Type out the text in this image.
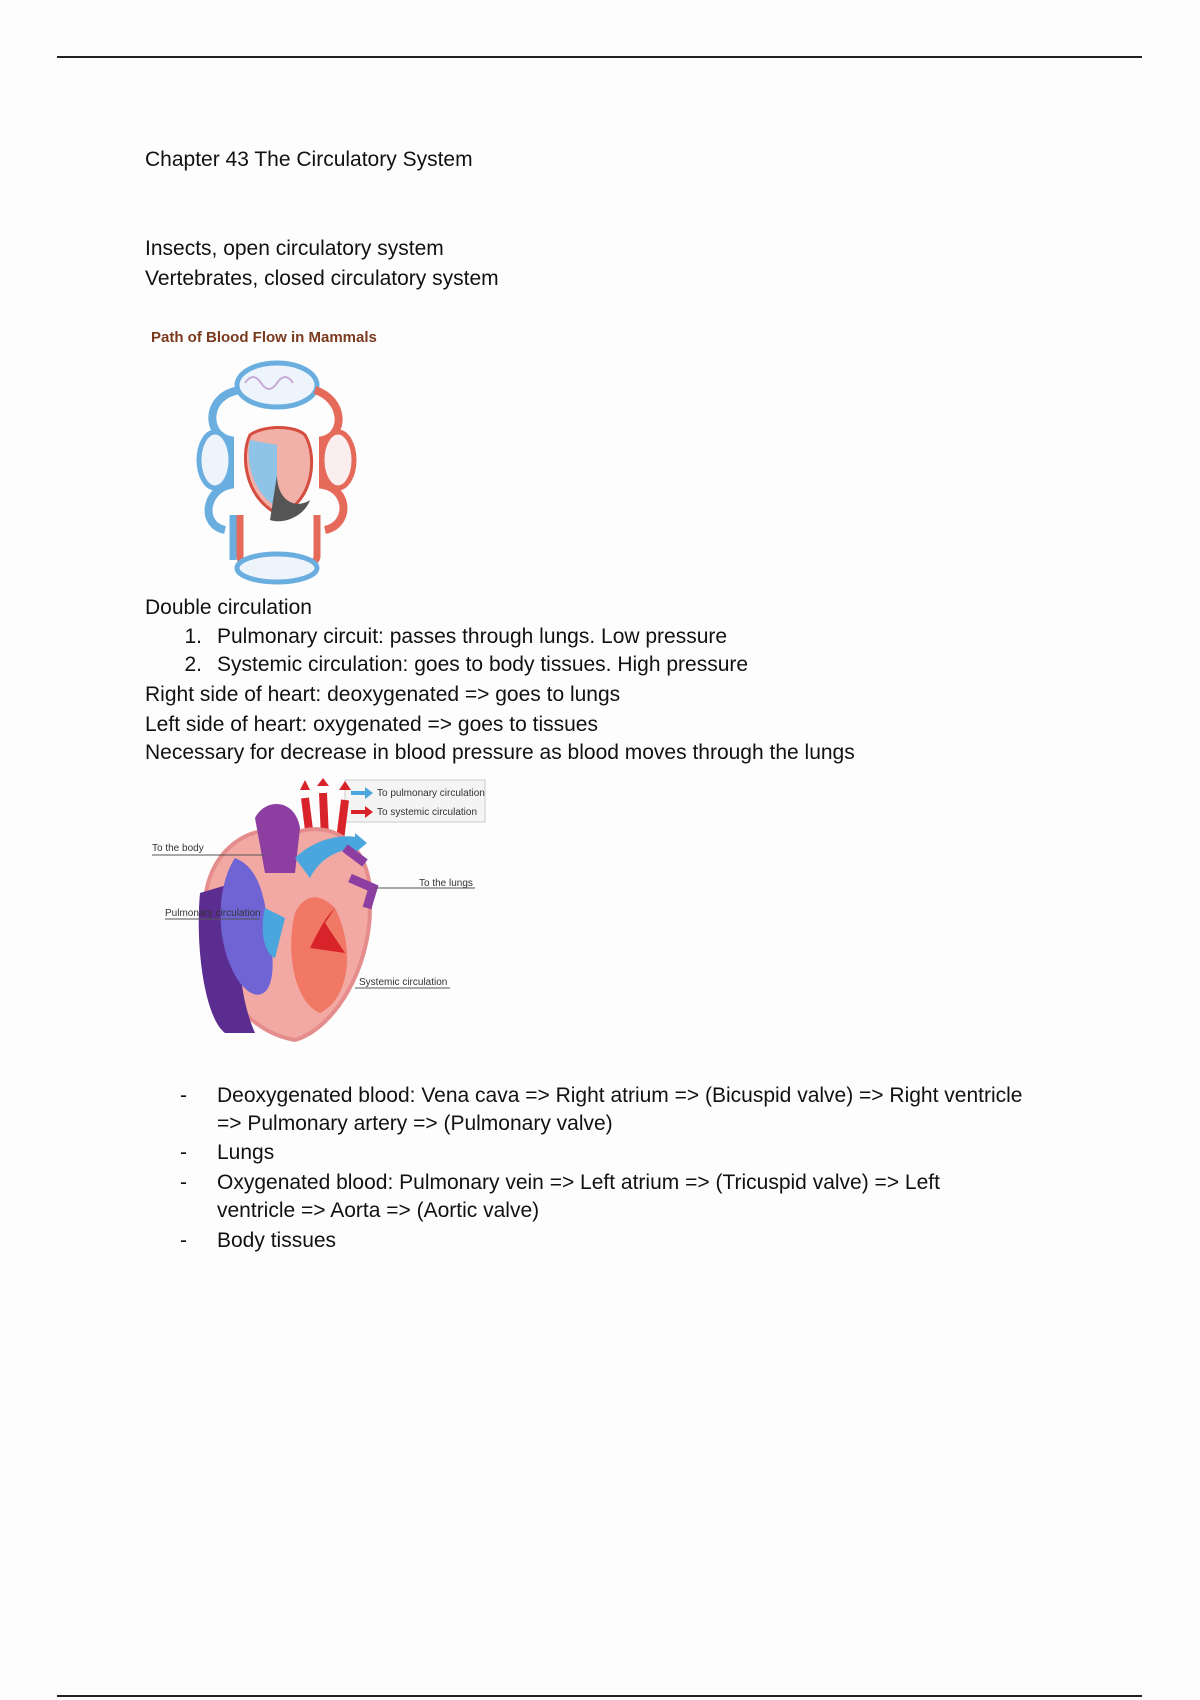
Chapter 43 The Circulatory System
Insects, open circulatory system
Vertebrates, closed circulatory system
Path of Blood Flow in Mammals
Double circulation
1. Pulmonary circuit: passes through lungs. Low pressure
2. Systemic circulation: goes to body tissues. High pressure
Right side of heart: deoxygenated => goes to lungs
Left side of heart: oxygenated => goes to tissues
Necessary for decrease in blood pressure as blood moves through the lungs
To pulmonary circulation
To systemic circulation
To the body
To the lungs
Pulmonary circulation
Systemic circulation
- Deoxygenated blood: Vena cava => Right atrium => (Bicuspid valve) => Right ventricle
=> Pulmonary artery => (Pulmonary valve)
- Lungs
- Oxygenated blood: Pulmonary vein => Left atrium => (Tricuspid valve) => Left
ventricle => Aorta => (Aortic valve)
- Body tissues
